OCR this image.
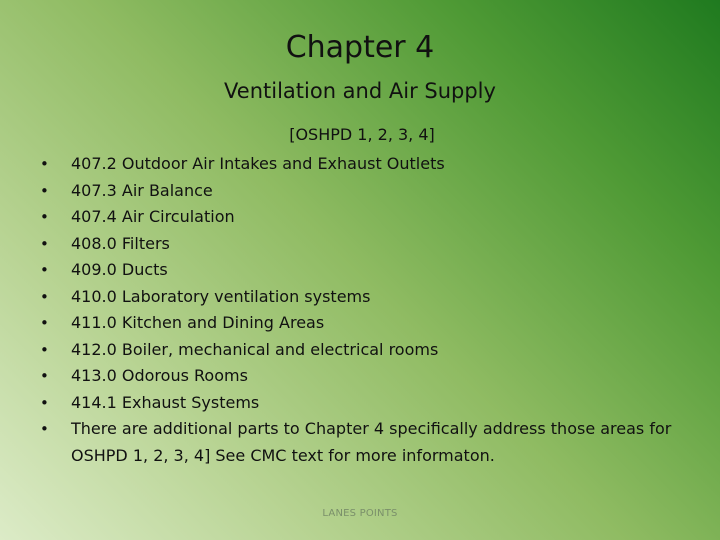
Chapter 4
Ventilation and Air Supply
[OSHPD 1, 2, 3, 4]
• 407.2 Outdoor Air Intakes and Exhaust Outlets
• 407.3 Air Balance
• 407.4 Air Circulation
• 408.0 Filters
• 409.0 Ducts
• 410.0 Laboratory ventilation systems
• 411.0 Kitchen and Dining Areas
• 412.0 Boiler, mechanical and electrical rooms
• 413.0 Odorous Rooms
• 414.1 Exhaust Systems
• There are additional parts to Chapter 4 specifically address those areas for OSHPD 1, 2, 3, 4] See CMC text for more informaton.
LANES POINTS
